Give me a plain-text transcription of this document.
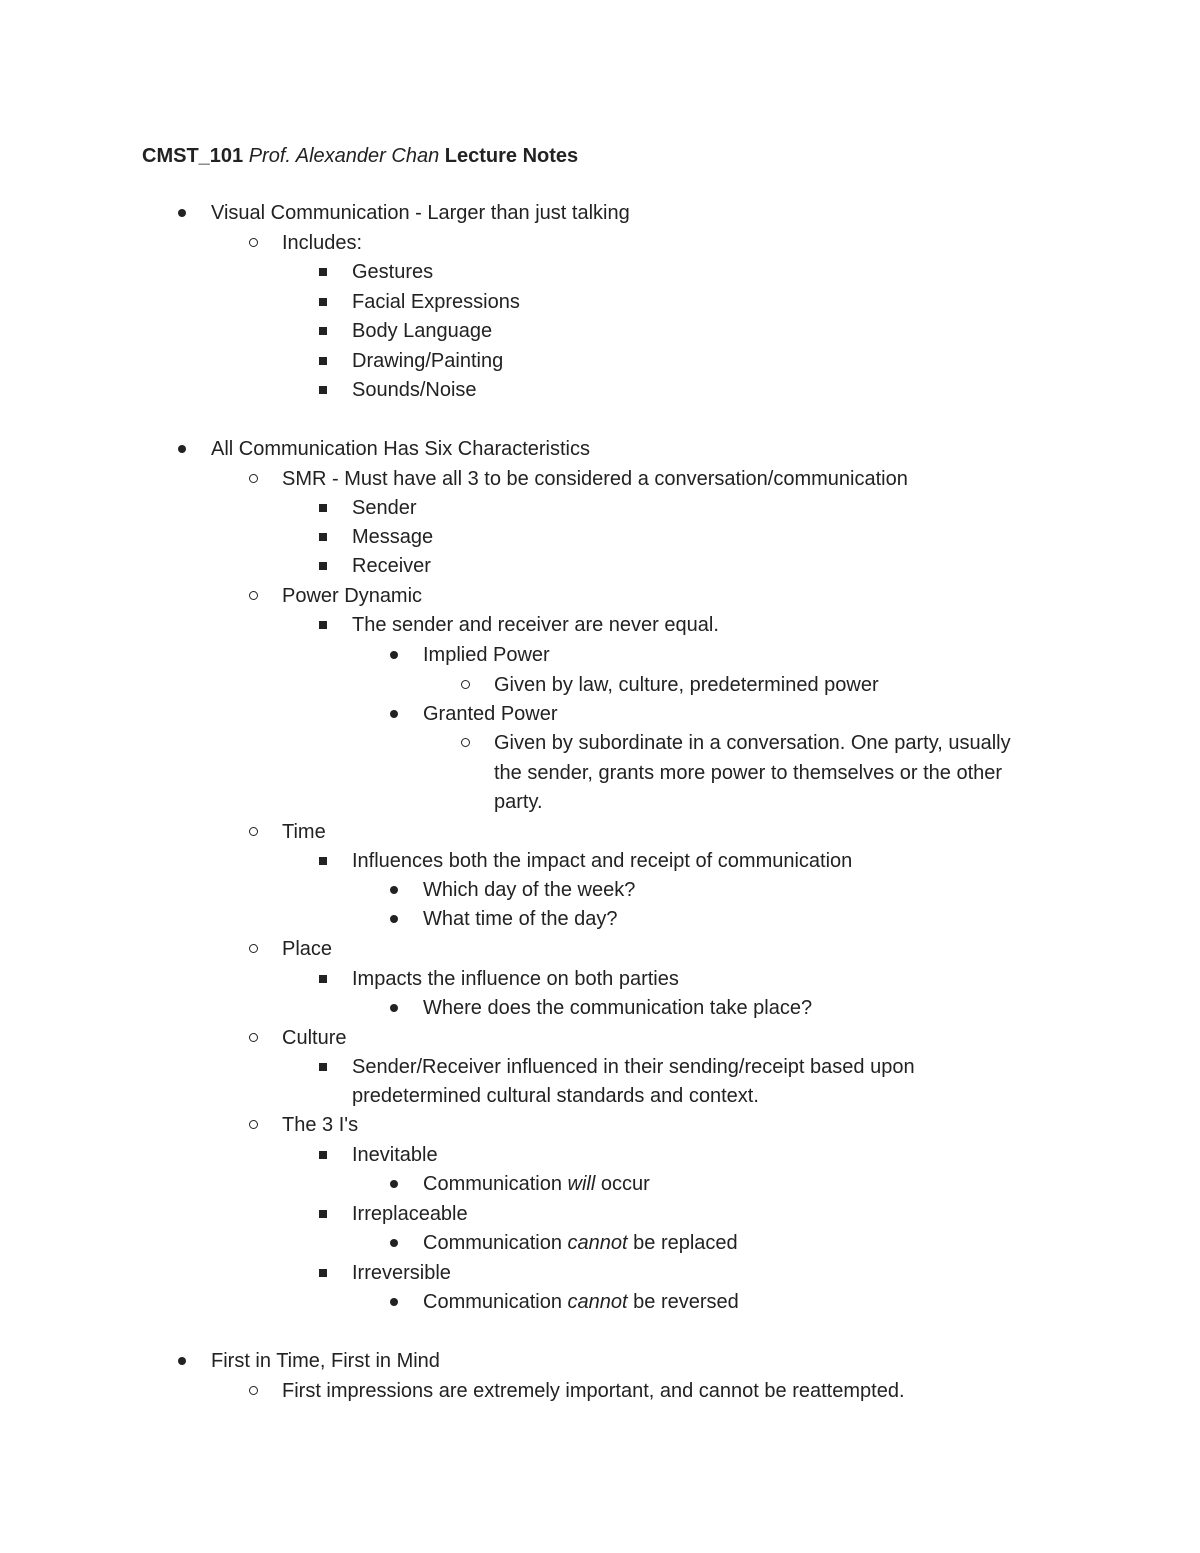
CMST_101 Prof. Alexander Chan Lecture Notes
Visual Communication - Larger than just talking
Includes:
Gestures
Facial Expressions
Body Language
Drawing/Painting
Sounds/Noise
All Communication Has Six Characteristics
SMR - Must have all 3 to be considered a conversation/communication
Sender
Message
Receiver
Power Dynamic
The sender and receiver are never equal.
Implied Power
Given by law, culture, predetermined power
Granted Power
Given by subordinate in a conversation. One party, usually
the sender, grants more power to themselves or the other
party.
Time
Influences both the impact and receipt of communication
Which day of the week?
What time of the day?
Place
Impacts the influence on both parties
Where does the communication take place?
Culture
Sender/Receiver influenced in their sending/receipt based upon
predetermined cultural standards and context.
The 3 I's
Inevitable
Communication will occur
Irreplaceable
Communication cannot be replaced
Irreversible
Communication cannot be reversed
First in Time, First in Mind
First impressions are extremely important, and cannot be reattempted.
